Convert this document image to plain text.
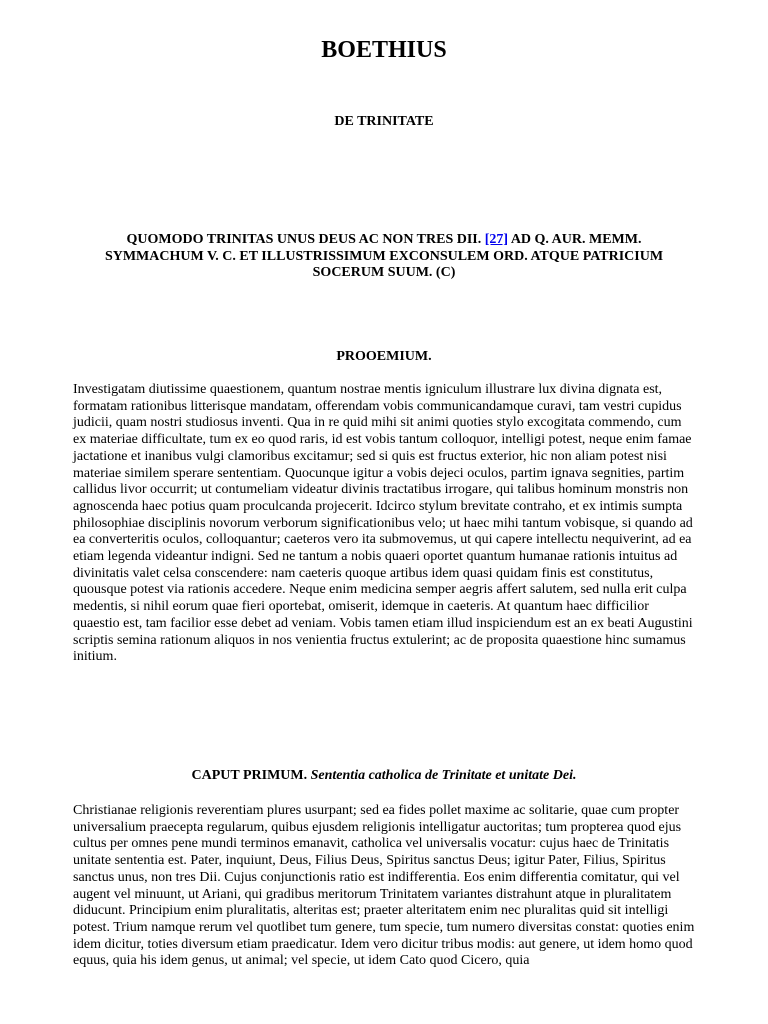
BOETHIUS
DE TRINITATE
QUOMODO TRINITAS UNUS DEUS AC NON TRES DII. [27] AD Q. AUR. MEMM. SYMMACHUM V. C. ET ILLUSTRISSIMUM EXCONSULEM ORD. ATQUE PATRICIUM SOCERUM SUUM. (C)
PROOEMIUM.

Investigatam diutissime quaestionem, quantum nostrae mentis igniculum illustrare lux divina dignata est, formatam rationibus litterisque mandatam, offerendam vobis communicandamque curavi, tam vestri cupidus judicii, quam nostri studiosus inventi. Qua in re quid mihi sit animi quoties stylo excogitata commendo, cum ex materiae difficultate, tum ex eo quod raris, id est vobis tantum colloquor, intelligi potest, neque enim famae jactatione et inanibus vulgi clamoribus excitamur; sed si quis est fructus exterior, hic non aliam potest nisi materiae similem sperare sententiam. Quocunque igitur a vobis dejeci oculos, partim ignava segnities, partim callidus livor occurrit; ut contumeliam videatur divinis tractatibus irrogare, qui talibus hominum monstris non agnoscenda haec potius quam proculcanda projecerit. Idcirco stylum brevitate contraho, et ex intimis sumpta philosophiae disciplinis novorum verborum significationibus velo; ut haec mihi tantum vobisque, si quando ad ea converteritis oculos, colloquantur; caeteros vero ita submovemus, ut qui capere intellectu nequiverint, ad ea etiam legenda videantur indigni. Sed ne tantum a nobis quaeri oportet quantum humanae rationis intuitus ad divinitatis valet celsa conscendere: nam caeteris quoque artibus idem quasi quidam finis est constitutus, quousque potest via rationis accedere. Neque enim medicina semper aegris affert salutem, sed nulla erit culpa medentis, si nihil eorum quae fieri oportebat, omiserit, idemque in caeteris. At quantum haec difficilior quaestio est, tam facilior esse debet ad veniam. Vobis tamen etiam illud inspiciendum est an ex beati Augustini scriptis semina rationum aliquos in nos venientia fructus extulerint; ac de proposita quaestione hinc sumamus initium.

CAPUT PRIMUM. Sententia catholica de Trinitate et unitate Dei.

Christianae religionis reverentiam plures usurpant; sed ea fides pollet maxime ac solitarie, quae cum propter universalium praecepta regularum, quibus ejusdem religionis intelligatur auctoritas; tum propterea quod ejus cultus per omnes pene mundi terminos emanavit, catholica vel universalis vocatur: cujus haec de Trinitatis unitate sententia est. Pater, inquiunt, Deus, Filius Deus, Spiritus sanctus Deus; igitur Pater, Filius, Spiritus sanctus unus, non tres Dii. Cujus conjunctionis ratio est indifferentia. Eos enim differentia comitatur, qui vel augent vel minuunt, ut Ariani, qui gradibus meritorum Trinitatem variantes distrahunt atque in pluralitatem diducunt. Principium enim pluralitatis, alteritas est; praeter alteritatem enim nec pluralitas quid sit intelligi potest. Trium namque rerum vel quotlibet tum genere, tum specie, tum numero diversitas constat: quoties enim idem dicitur, toties diversum etiam praedicatur. Idem vero dicitur tribus modis: aut genere, ut idem homo quod equus, quia his idem genus, ut animal; vel specie, ut idem Cato quod Cicero, quia
